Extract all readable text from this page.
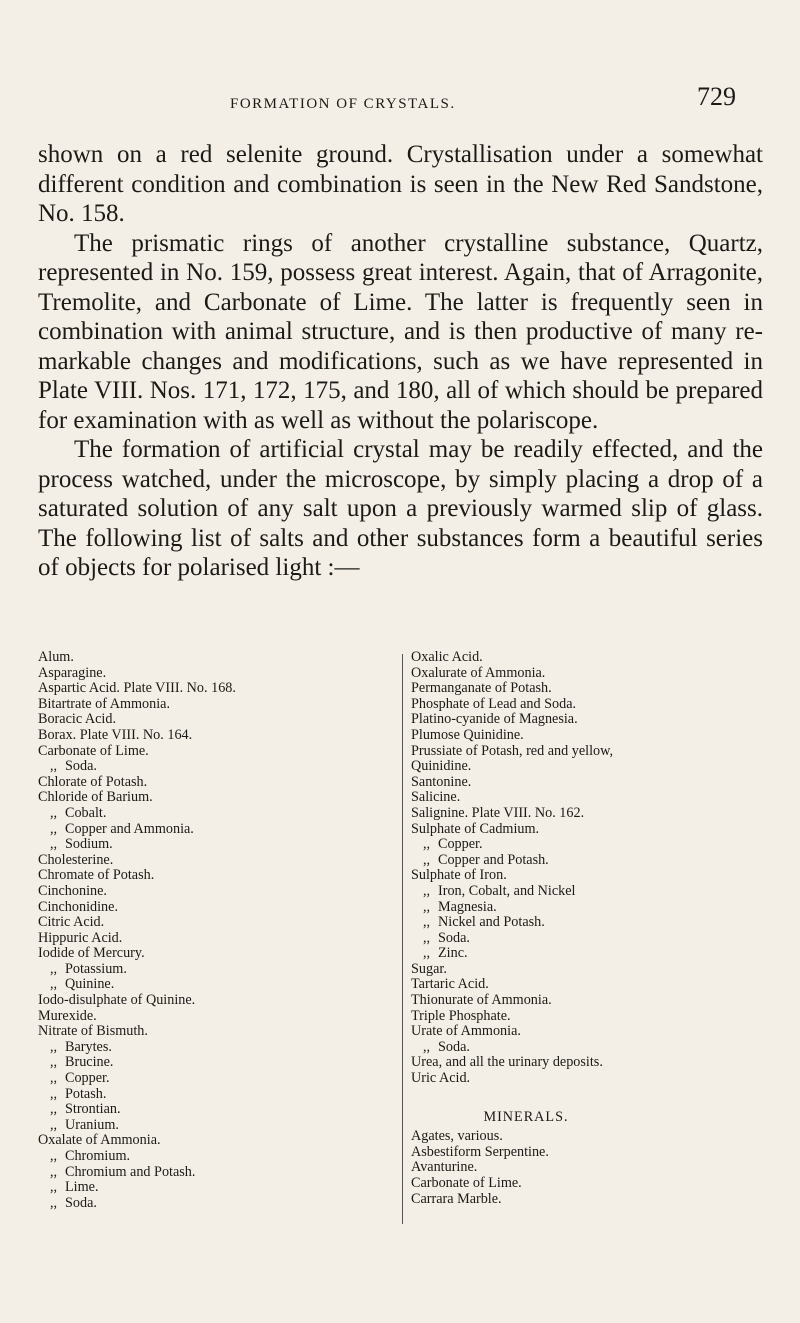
FORMATION OF CRYSTALS.	729

shown on a red selenite ground. Crystallisation under a somewhat different condition and combination is seen in the New Red Sandstone, No. 158.

The prismatic rings of another crystalline substance, Quartz, represented in No. 159, possess great interest. Again, that of Arragonite, Tremolite, and Carbonate of Lime. The latter is frequently seen in combination with animal structure, and is then productive of many remarkable changes and modifications, such as we have represented in Plate VIII. Nos. 171, 172, 175, and 180, all of which should be prepared for examination with as well as without the polariscope.

The formation of artificial crystal may be readily effected, and the process watched, under the microscope, by simply placing a drop of a saturated solution of any salt upon a previously warmed slip of glass. The following list of salts and other substances form a beautiful series of objects for polarised light :—

Alum.
Asparagine.
Aspartic Acid. Plate VIII. No. 168.
Bitartrate of Ammonia.
Boracic Acid.
Borax. Plate VIII. No. 164.
Carbonate of Lime.
,, Soda.
Chlorate of Potash.
Chloride of Barium.
,, Cobalt.
,, Copper and Ammonia.
,, Sodium.
Cholesterine.
Chromate of Potash.
Cinchonine.
Cinchonidine.
Citric Acid.
Hippuric Acid.
Iodide of Mercury.
,, Potassium.
,, Quinine.
Iodo-disulphate of Quinine.
Murexide.
Nitrate of Bismuth.
,, Barytes.
,, Brucine.
,, Copper.
,, Potash.
,, Strontian.
,, Uranium.
Oxalate of Ammonia.
,, Chromium.
,, Chromium and Potash.
,, Lime.
,, Soda.
Oxalic Acid.
Oxalurate of Ammonia.
Permanganate of Potash.
Phosphate of Lead and Soda.
Platino-cyanide of Magnesia.
Plumose Quinidine.
Prussiate of Potash, red and yellow,
Quinidine.
Santonine.
Salicine.
Salignine. Plate VIII. No. 162.
Sulphate of Cadmium.
,, Copper.
,, Copper and Potash.
Sulphate of Iron.
,, Iron, Cobalt, and Nickel
,, Magnesia.
,, Nickel and Potash.
,, Soda.
,, Zinc.
Sugar.
Tartaric Acid.
Thionurate of Ammonia.
Triple Phosphate.
Urate of Ammonia.
,, Soda.
Urea, and all the urinary deposits.
Uric Acid.
MINERALS.
Agates, various.
Asbestiform Serpentine.
Avanturine.
Carbonate of Lime.
Carrara Marble.
